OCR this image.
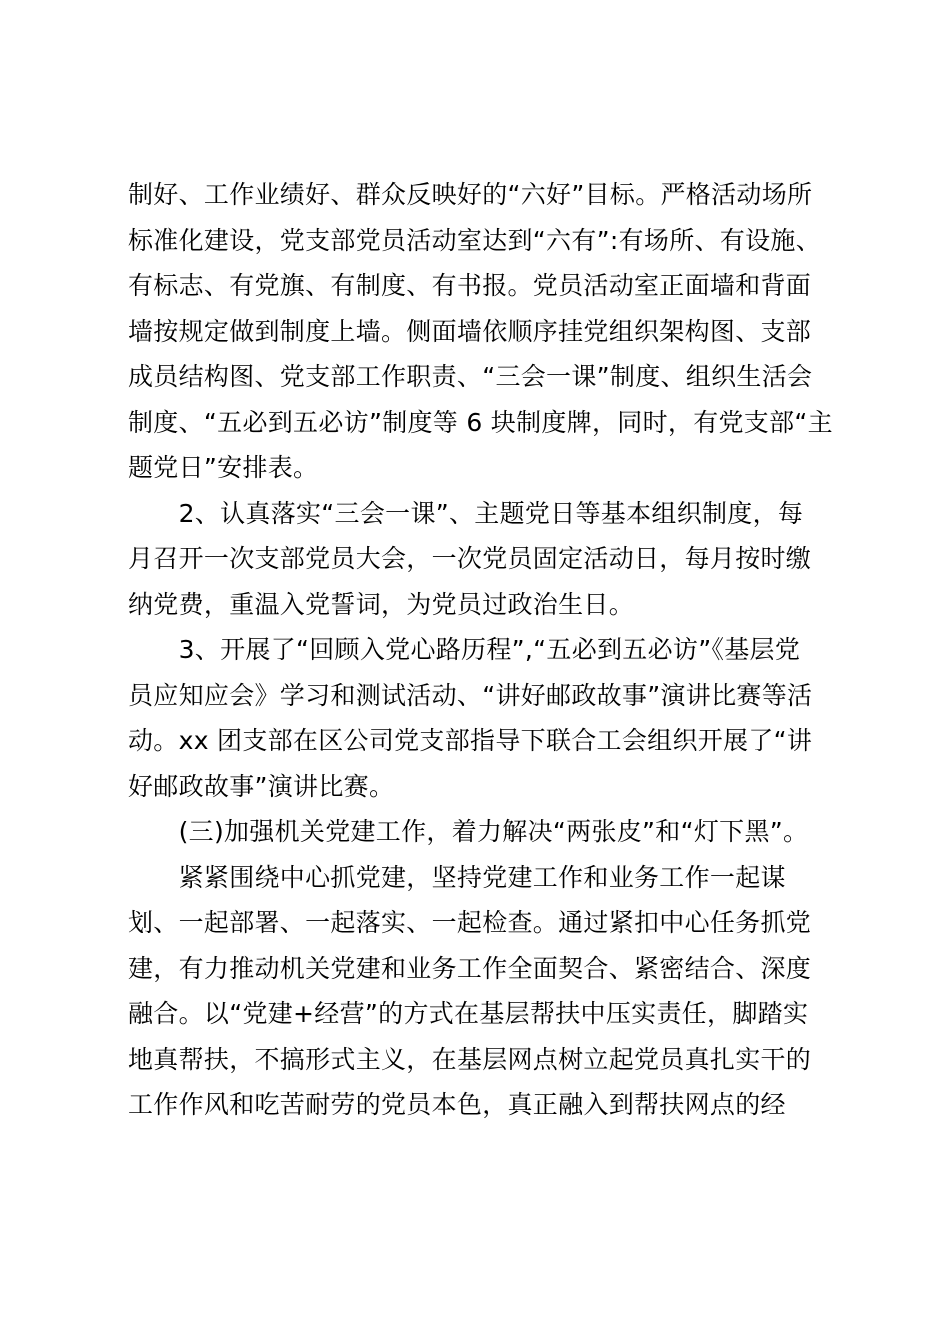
制好、工作业绩好、群众反映好的“六好”目标。严格活动场所
标准化建设，党支部党员活动室达到“六有”:有场所、有设施、
有标志、有党旗、有制度、有书报。党员活动室正面墙和背面
墙按规定做到制度上墙。侧面墙依顺序挂党组织架构图、支部
成员结构图、党支部工作职责、“三会一课”制度、组织生活会
制度、“五必到五必访”制度等 6 块制度牌，同时，有党支部“主
题党日”安排表。
　　2、认真落实“三会一课”、主题党日等基本组织制度，每
月召开一次支部党员大会，一次党员固定活动日，每月按时缴
纳党费，重温入党誓词，为党员过政治生日。
　　3、开展了“回顾入党心路历程”,“五必到五必访”《基层党
员应知应会》学习和测试活动、“讲好邮政故事”演讲比赛等活
动。xx 团支部在区公司党支部指导下联合工会组织开展了“讲
好邮政故事”演讲比赛。
　　(三)加强机关党建工作，着力解决“两张皮”和“灯下黑”。
　　紧紧围绕中心抓党建，坚持党建工作和业务工作一起谋
划、一起部署、一起落实、一起检查。通过紧扣中心任务抓党
建，有力推动机关党建和业务工作全面契合、紧密结合、深度
融合。以“党建+经营”的方式在基层帮扶中压实责任，脚踏实
地真帮扶，不搞形式主义，在基层网点树立起党员真扎实干的
工作作风和吃苦耐劳的党员本色，真正融入到帮扶网点的经
